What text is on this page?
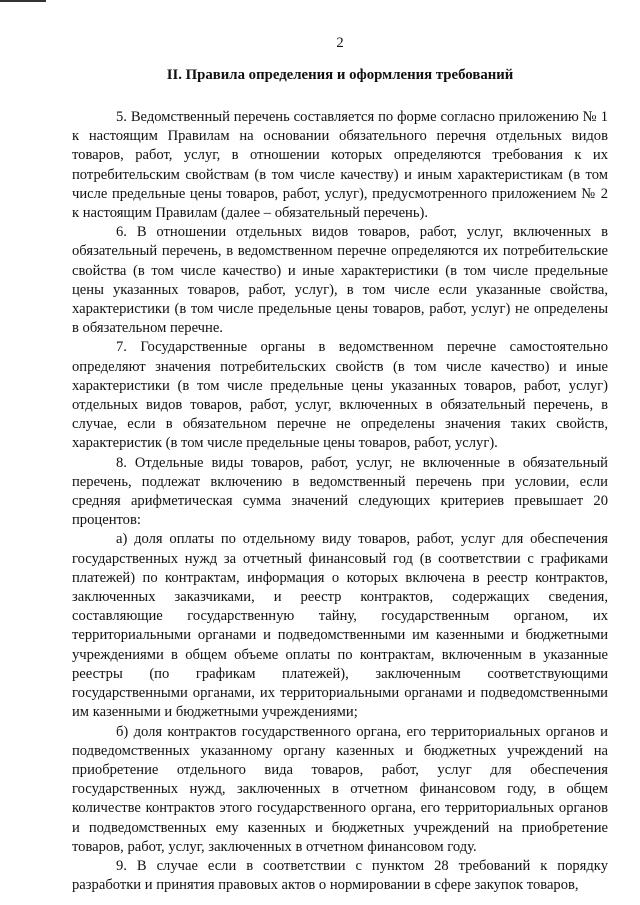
2
II. Правила определения и оформления требований

5. Ведомственный перечень составляется по форме согласно приложению № 1 к настоящим Правилам на основании обязательного перечня отдельных видов товаров, работ, услуг, в отношении которых определяются требования к их потребительским свойствам (в том числе качеству) и иным характеристикам (в том числе предельные цены товаров, работ, услуг), предусмотренного приложением № 2 к настоящим Правилам (далее – обязательный перечень).

6. В отношении отдельных видов товаров, работ, услуг, включенных в обязательный перечень, в ведомственном перечне определяются их потребительские свойства (в том числе качество) и иные характеристики (в том числе предельные цены указанных товаров, работ, услуг), в том числе если указанные свойства, характеристики (в том числе предельные цены товаров, работ, услуг) не определены в обязательном перечне.

7. Государственные органы в ведомственном перечне самостоятельно определяют значения потребительских свойств (в том числе качество) и иные характеристики (в том числе предельные цены указанных товаров, работ, услуг) отдельных видов товаров, работ, услуг, включенных в обязательный перечень, в случае, если в обязательном перечне не определены значения таких свойств, характеристик (в том числе предельные цены товаров, работ, услуг).

8. Отдельные виды товаров, работ, услуг, не включенные в обязательный перечень, подлежат включению в ведомственный перечень при условии, если средняя арифметическая сумма значений следующих критериев превышает 20 процентов:

а) доля оплаты по отдельному виду товаров, работ, услуг для обеспечения государственных нужд за отчетный финансовый год (в соответствии с графиками платежей) по контрактам, информация о которых включена в реестр контрактов, заключенных заказчиками, и реестр контрактов, содержащих сведения, составляющие государственную тайну, государственным органом, их территориальными органами и подведомственными им казенными и бюджетными учреждениями в общем объеме оплаты по контрактам, включенным в указанные реестры (по графикам платежей), заключенным соответствующими государственными органами, их территориальными органами и подведомственными им казенными и бюджетными учреждениями;

б) доля контрактов государственного органа, его территориальных органов и подведомственных указанному органу казенных и бюджетных учреждений на приобретение отдельного вида товаров, работ, услуг для обеспечения государственных нужд, заключенных в отчетном финансовом году, в общем количестве контрактов этого государственного органа, его территориальных органов и подведомственных ему казенных и бюджетных учреждений на приобретение товаров, работ, услуг, заключенных в отчетном финансовом году.

9. В случае если в соответствии с пунктом 28 требований к порядку разработки и принятия правовых актов о нормировании в сфере закупок товаров,
